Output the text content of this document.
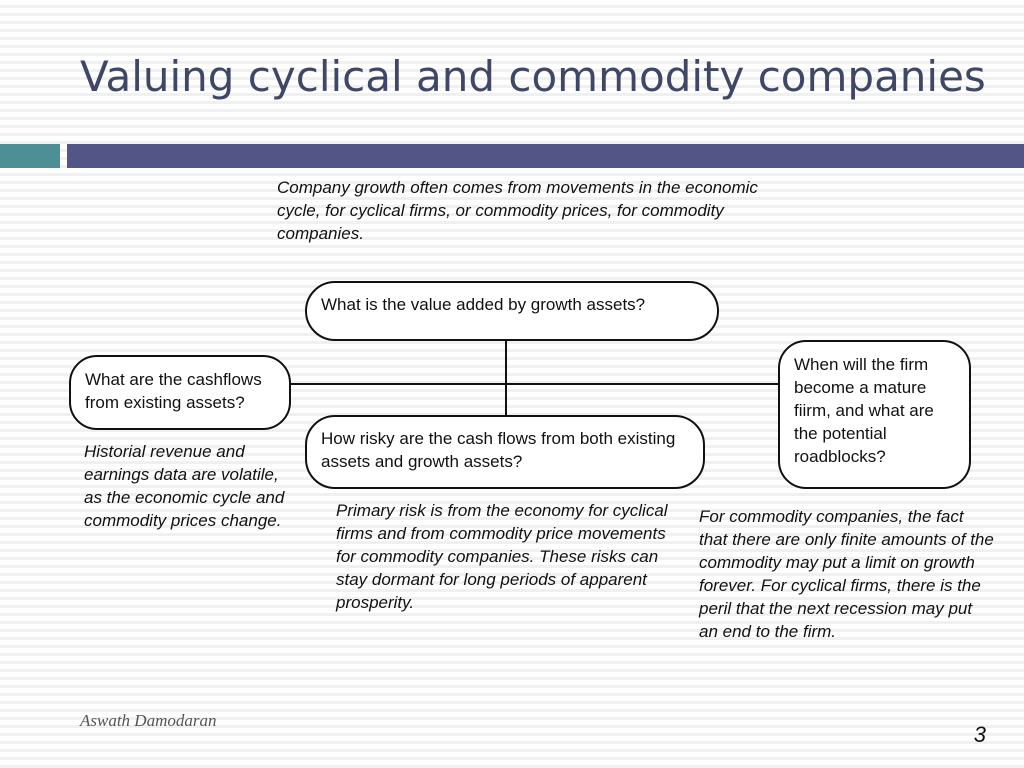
Valuing cyclical and commodity companies
Company growth often comes from movements in the economic cycle, for cyclical firms, or commodity prices, for commodity companies.
What is the value added by growth assets?
What are the cashflows from existing assets?
How risky are the cash flows from both existing assets and growth assets?
When will the firm become a mature fiirm, and what are the potential roadblocks?
Historial revenue and earnings data are volatile, as the economic cycle and commodity prices change.
Primary risk is from the economy for cyclical firms and from commodity price movements for commodity companies. These risks can stay dormant for long periods of apparent prosperity.
For commodity companies, the fact that there are only finite amounts of the commodity may put a limit on growth forever. For cyclical firms, there is the peril that the next recession may put an end to the firm.
Aswath Damodaran
3
